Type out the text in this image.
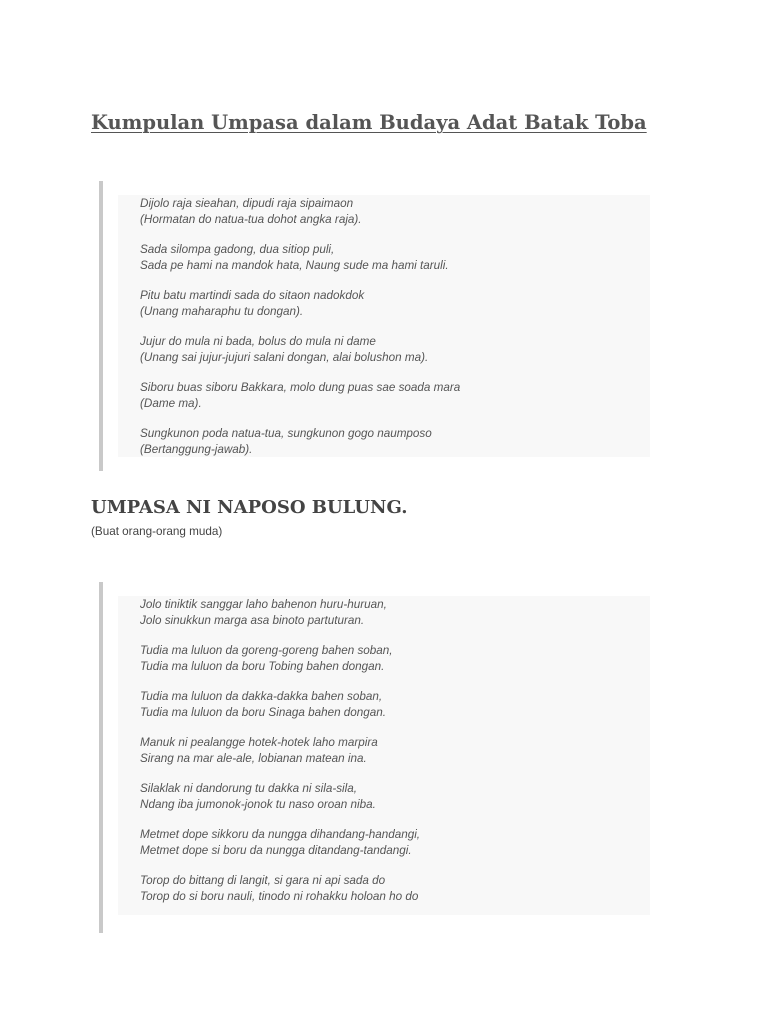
Kumpulan Umpasa dalam Budaya Adat Batak Toba
Dijolo raja sieahan, dipudi raja sipaimaon
(Hormatan do natua-tua dohot angka raja).
Sada silompa gadong, dua sitiop puli,
Sada pe hami na mandok hata, Naung sude ma hami taruli.
Pitu batu martindi sada do sitaon nadokdok
(Unang maharaphu tu dongan).
Jujur do mula ni bada, bolus do mula ni dame
(Unang sai jujur-jujuri salani dongan, alai bolushon ma).
Siboru buas siboru Bakkara, molo dung puas sae soada mara
(Dame ma).
Sungkunon poda natua-tua, sungkunon gogo naumposo
(Bertanggung-jawab).
UMPASA NI NAPOSO BULUNG.
(Buat orang-orang muda)
Jolo tiniktik sanggar laho bahenon huru-huruan,
Jolo sinukkun marga asa binoto partuturan.
Tudia ma luluon da goreng-goreng bahen soban,
Tudia ma luluon da boru Tobing bahen dongan.
Tudia ma luluon da dakka-dakka bahen soban,
Tudia ma luluon da boru Sinaga bahen dongan.
Manuk ni pealangge hotek-hotek laho marpira
Sirang na mar ale-ale, lobianan matean ina.
Silaklak ni dandorung tu dakka ni sila-sila,
Ndang iba jumonok-jonok tu naso oroan niba.
Metmet dope sikkoru da nungga dihandang-handangi,
Metmet dope si boru da nungga ditandang-tandangi.
Torop do bittang di langit, si gara ni api sada do
Torop do si boru nauli, tinodo ni rohakku holoan ho do
